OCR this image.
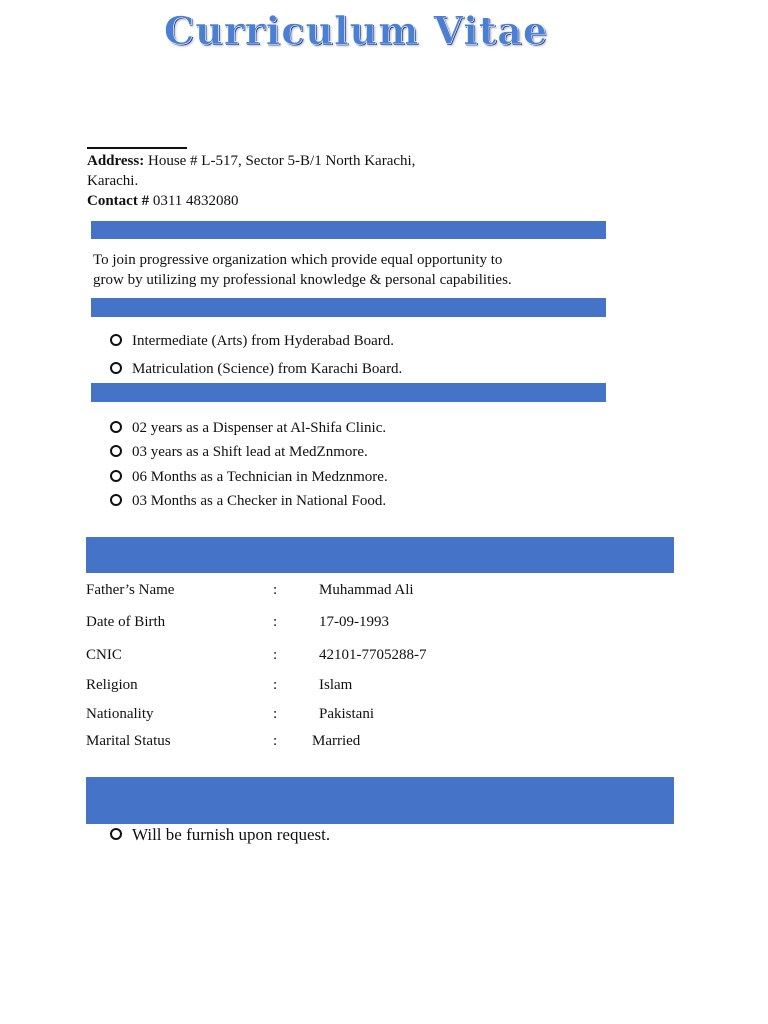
Curriculum Vitae
Address: House # L-517, Sector 5-B/1 North Karachi,
Karachi.
Contact # 0311 4832080
To join progressive organization which provide equal opportunity to
grow by utilizing my professional knowledge & personal capabilities.
Intermediate (Arts) from Hyderabad Board.
Matriculation (Science) from Karachi Board.
02 years as a Dispenser at Al-Shifa Clinic.
03 years as a Shift lead at MedZnmore.
06 Months as a Technician in Medznmore.
03 Months as a Checker in National Food.
Father’s Name	:	Muhammad Ali
Date of Birth	:	17-09-1993
CNIC	:	42101-7705288-7
Religion	:	Islam
Nationality	:	Pakistani
Marital Status	: Married
Will be furnish upon request.
